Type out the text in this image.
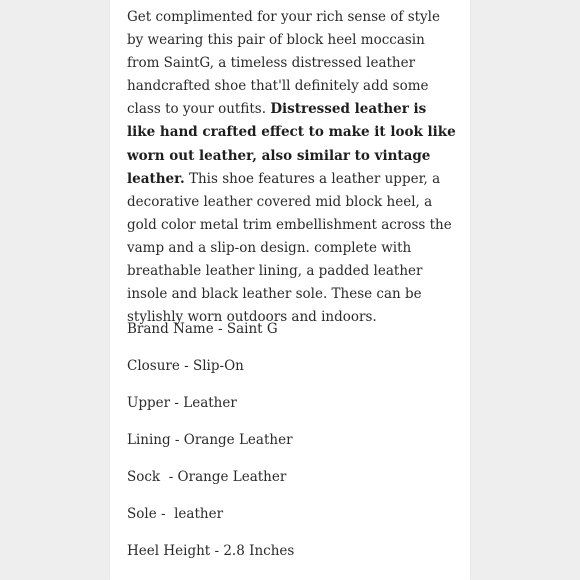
Get complimented for your rich sense of style by wearing this pair of block heel moccasin from SaintG, a timeless distressed leather handcrafted shoe that'll definitely add some class to your outfits. Distressed leather is like hand crafted effect to make it look like worn out leather, also similar to vintage leather. This shoe features a leather upper, a decorative leather covered mid block heel, a gold color metal trim embellishment across the vamp and a slip-on design. complete with breathable leather lining, a padded leather insole and black leather sole. These can be stylishly worn outdoors and indoors.

Brand Name - Saint G

Closure - Slip-On

Upper - Leather

Lining - Orange Leather

Sock  - Orange Leather

Sole -  leather

Heel Height - 2.8 Inches
